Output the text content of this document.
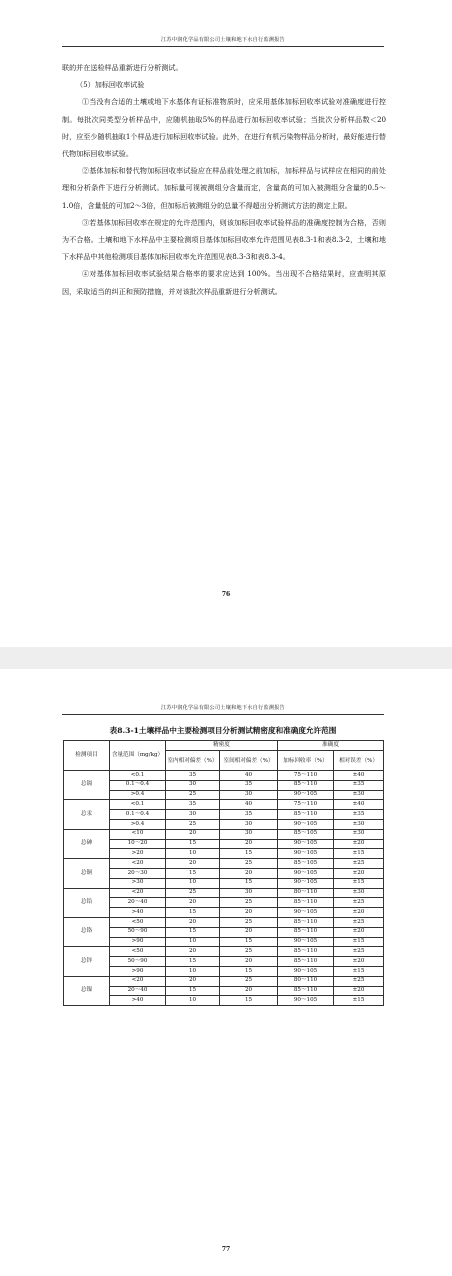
江苏中润化学品有限公司土壤和地下水自行监测报告

联的并在送检样品重新进行分析测试。

（5）加标回收率试验

①当没有合适的土壤或地下水基体有证标准物质时，应采用基体加标回收率试验对准确度进行控制。每批次同类型分析样品中，应随机抽取5%的样品进行加标回收率试验；当批次分析样品数＜20时，应至少随机抽取1个样品进行加标回收率试验。此外，在进行有机污染物样品分析时，最好能进行替代物加标回收率试验。

②基体加标和替代物加标回收率试验应在样品前处理之前加标，加标样品与试样应在相同的前处理和分析条件下进行分析测试。加标量可视被测组分含量而定，含量高的可加入被测组分含量的0.5～1.0倍，含量低的可加2～3倍，但加标后被测组分的总量不得超出分析测试方法的测定上限。

③若基体加标回收率在规定的允许范围内，则该加标回收率试验样品的准确度控制为合格，否则为不合格。土壤和地下水样品中主要检测项目基体加标回收率允许范围见表8.3-1和表8.3-2，土壤和地下水样品中其他检测项目基体加标回收率允许范围见表8.3-3和表8.3-4。

④对基体加标回收率试验结果合格率的要求应达到 100%。当出现不合格结果时，应查明其原因，采取适当的纠正和预防措施，并对该批次样品重新进行分析测试。

76
江苏中润化学品有限公司土壤和地下水自行监测报告
表8.3-1土壤样品中主要检测项目分析测试精密度和准确度允许范围
检测项目	含量范围（mg/kg）	精密度		准确度	
		室内相对偏差（%）	室间相对偏差（%）	加标回收率（%）	相对误差（%）
总镉	<0.1	35	40	75～110	±40
	0.1～0.4	30	35	85～110	±35
	>0.4	25	30	90～105	±30
总汞	<0.1	35	40	75～110	±40
	0.1～0.4	30	35	85～110	±35
	>0.4	25	30	90～105	±30
总砷	<10	20	30	85～105	±30
	10～20	15	20	90～105	±20
	>20	10	15	90～105	±15
总铜	<20	20	25	85～105	±25
	20～30	15	20	90～105	±20
	>30	10	15	90～105	±15
总铅	<20	25	30	80～110	±30
	20～40	20	25	85～110	±25
	>40	15	20	90～105	±20
总铬	<50	20	25	85～110	±25
	50～90	15	20	85～110	±20
	>90	10	15	90～105	±15
总锌	<50	20	25	85～110	±25
	50～90	15	20	85～110	±20
	>90	10	15	90～105	±15
总镍	<20	20	25	80～110	±25
	20～40	15	20	85～110	±20
	>40	10	15	90～105	±15
77
